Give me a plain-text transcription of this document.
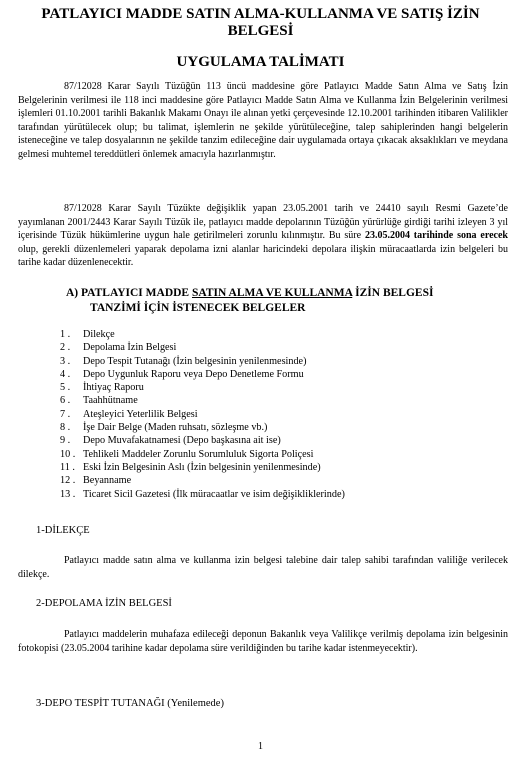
PATLAYICI MADDE SATIN ALMA-KULLANMA VE SATIŞ İZİN

BELGESİ

UYGULAMA TALİMATI

87/12028 Karar Sayılı Tüzüğün 113 üncü maddesine göre Patlayıcı Madde Satın Alma ve Satış İzin Belgelerinin verilmesi ile 118 inci maddesine göre Patlayıcı Madde Satın Alma ve Kullanma İzin Belgelerinin verilmesi işlemleri 01.10.2001 tarihli Bakanlık Makamı Onayı ile alınan yetki çerçevesinde 12.10.2001 tarihinden itibaren Valilikler tarafından yürütülecek olup; bu talimat, işlemlerin ne şekilde yürütüleceğine, talep sahiplerinden hangi belgelerin isteneceğine ve talep dosyalarının ne şekilde tanzim edileceğine dair uygulamada ortaya çıkacak aksaklıkları ve meydana gelmesi muhtemel tereddütleri önlemek amacıyla hazırlanmıştır.

87/12028 Karar Sayılı Tüzükte değişiklik yapan 23.05.2001 tarih ve 24410 sayılı Resmi Gazete’de yayımlanan 2001/2443 Karar Sayılı Tüzük ile, patlayıcı madde depolarının Tüzüğün yürürlüğe girdiği tarihi izleyen 3 yıl içerisinde Tüzük hükümlerine uygun hale getirilmeleri zorunlu kılınmıştır. Bu süre 23.05.2004 tarihinde sona erecek olup, gerekli düzenlemeleri yaparak depolama izni alanlar haricindeki depolara ilişkin müracaatlarda izin belgeleri bu tarihe kadar düzenlenecektir.

A) PATLAYICI MADDE SATIN ALMA VE KULLANMA İZİN BELGESİ

TANZİMİ İÇİN İSTENECEK BELGELER

1 . Dilekçe
2 . Depolama İzin Belgesi
3 . Depo Tespit Tutanağı (İzin belgesinin yenilenmesinde)
4 . Depo Uygunluk Raporu veya Depo Denetleme Formu
5 . İhtiyaç Raporu
6 . Taahhütname
7 . Ateşleyici Yeterlilik Belgesi
8 . İşe Dair Belge (Maden ruhsatı, sözleşme vb.)
9 . Depo Muvafakatnamesi (Depo başkasına ait ise)
10 . Tehlikeli Maddeler Zorunlu Sorumluluk Sigorta Poliçesi
11 . Eski İzin Belgesinin Aslı (İzin belgesinin yenilenmesinde)
12 . Beyanname
13 . Ticaret Sicil Gazetesi (İlk müracaatlar ve isim değişikliklerinde)

1-DİLEKÇE

Patlayıcı madde satın alma ve kullanma izin belgesi talebine dair talep sahibi tarafından valiliğe verilecek dilekçe.

2-DEPOLAMA İZİN BELGESİ

Patlayıcı maddelerin muhafaza edileceği deponun Bakanlık veya Valilikçe verilmiş depolama izin belgesinin fotokopisi (23.05.2004 tarihine kadar depolama süre verildiğinden bu tarihe kadar istenmeyecektir).

3-DEPO TESPİT TUTANAĞI (Yenilemede)

1
